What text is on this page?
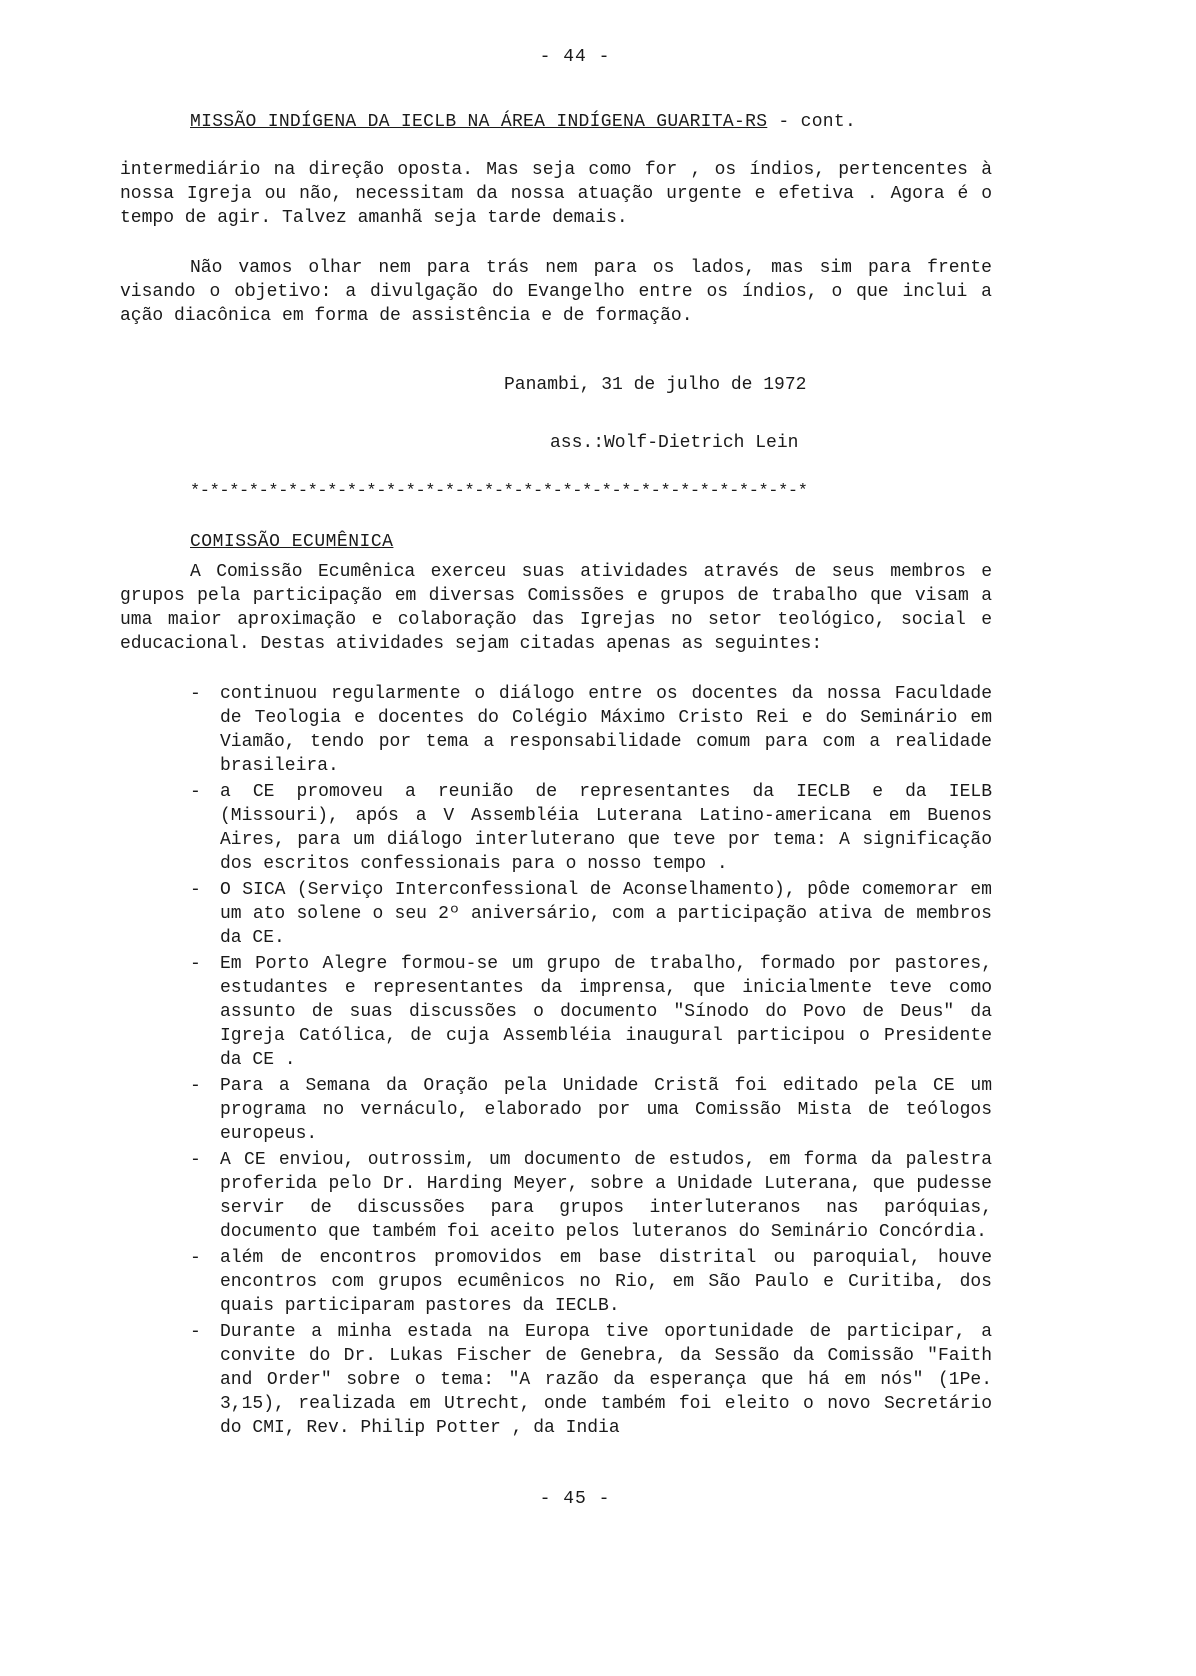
- 44 -
MISSÃO INDÍGENA DA IECLB NA ÁREA INDÍGENA GUARITA-RS - cont.

intermediário na direção oposta. Mas seja como for , os índios, pertencentes à nossa Igreja ou não, necessitam da nossa atuação urgente e efetiva . Agora é o tempo de agir. Talvez amanhã seja tarde demais.

Não vamos olhar nem para trás nem para os lados, mas sim para frente visando o objetivo: a divulgação do Evangelho entre os índios, o que inclui a ação diacônica em forma de assistência e de formação.

Panambi, 31 de julho de 1972
ass.:Wolf-Dietrich Lein
*-*-*-*-*-*-*-*-*-*-*-*-*-*-*-*-*-*-*-*-*-*-*-*-*-*-*-*-*-*-*-*
COMISSÃO ECUMÊNICA

A Comissão Ecumênica exerceu suas atividades através de seus membros e grupos pela participação em diversas Comissões e grupos de trabalho que visam a uma maior aproximação e colaboração das Igrejas no setor teológico, social e educacional. Destas atividades sejam citadas apenas as seguintes:

- continuou regularmente o diálogo entre os docentes da nossa Faculdade de Teologia e docentes do Colégio Máximo Cristo Rei e do Seminário em Viamão, tendo por tema a responsabilidade comum para com a realidade brasileira.
- a CE promoveu a reunião de representantes da IECLB e da IELB (Missouri), após a V Assembléia Luterana Latino-americana em Buenos Aires, para um diálogo interluterano que teve por tema: A significação dos escritos confessionais para o nosso tempo .
- O SICA (Serviço Interconfessional de Aconselhamento), pôde comemorar em um ato solene o seu 2º aniversário, com a participação ativa de membros da CE.
- Em Porto Alegre formou-se um grupo de trabalho, formado por pastores, estudantes e representantes da imprensa, que inicialmente teve como assunto de suas discussões o documento "Sínodo do Povo de Deus" da Igreja Católica, de cuja Assembléia inaugural participou o Presidente da CE .
- Para a Semana da Oração pela Unidade Cristã foi editado pela CE um programa no vernáculo, elaborado por uma Comissão Mista de teólogos europeus.
- A CE enviou, outrossim, um documento de estudos, em forma da palestra proferida pelo Dr. Harding Meyer, sobre a Unidade Luterana, que pudesse servir de discussões para grupos interluteranos nas paróquias, documento que também foi aceito pelos luteranos do Seminário Concórdia.
- além de encontros promovidos em base distrital ou paroquial, houve encontros com grupos ecumênicos no Rio, em São Paulo e Curitiba, dos quais participaram pastores da IECLB.
- Durante a minha estada na Europa tive oportunidade de participar, a convite do Dr. Lukas Fischer de Genebra, da Sessão da Comissão "Faith and Order" sobre o tema: "A razão da esperança que há em nós" (1Pe. 3,15), realizada em Utrecht, onde também foi eleito o novo Secretário do CMI, Rev. Philip Potter , da India
- 45 -
